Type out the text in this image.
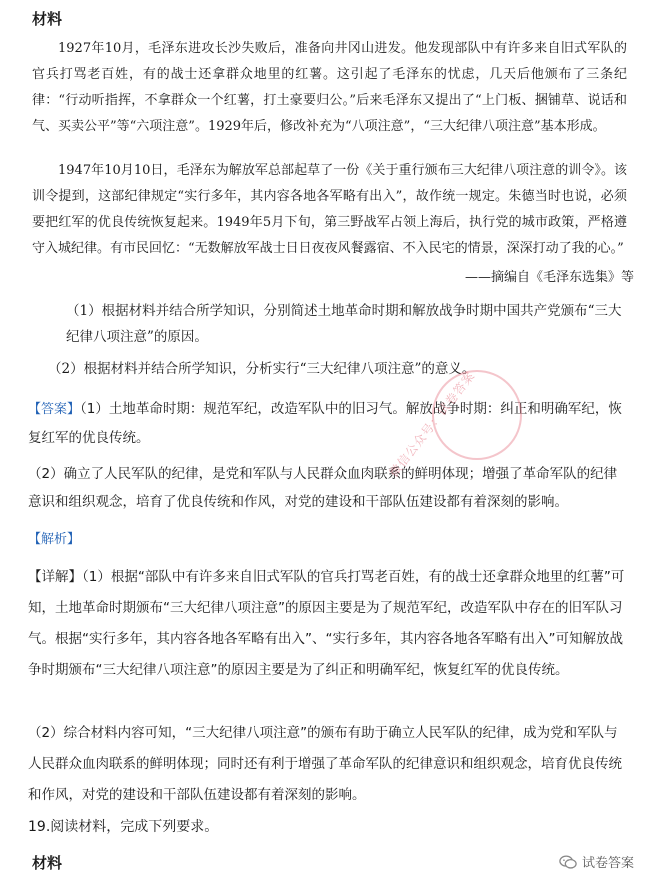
材料
1927年10月，毛泽东进攻长沙失败后，准备向井冈山进发。他发现部队中有许多来自旧式军队的官兵打骂老百姓，有的战士还拿群众地里的红薯。这引起了毛泽东的忧虑，几天后他颁布了三条纪律：“行动听指挥，不拿群众一个红薯，打土豪要归公。”后来毛泽东又提出了“上门板、捆铺草、说话和气、买卖公平”等“六项注意”。1929年后，修改补充为“八项注意”，“三大纪律八项注意”基本形成。
1947年10月10日，毛泽东为解放军总部起草了一份《关于重行颁布三大纪律八项注意的训令》。该训令提到，这部纪律规定“实行多年，其内容各地各军略有出入”，故作统一规定。朱德当时也说，必须要把红军的优良传统恢复起来。1949年5月下旬，第三野战军占领上海后，执行党的城市政策，严格遵守入城纪律。有市民回忆：“无数解放军战士日日夜夜风餐露宿、不入民宅的情景，深深打动了我的心。”
——摘编自《毛泽东选集》等
（1）根据材料并结合所学知识，分别简述土地革命时期和解放战争时期中国共产党颁布“三大纪律八项注意”的原因。
（2）根据材料并结合所学知识，分析实行“三大纪律八项注意”的意义。
【答案】（1）土地革命时期：规范军纪，改造军队中的旧习气。解放战争时期：纠正和明确军纪，恢复红军的优良传统。
（2）确立了人民军队的纪律，是党和军队与人民群众血肉联系的鲜明体现；增强了革命军队的纪律意识和组织观念，培育了优良传统和作风，对党的建设和干部队伍建设都有着深刻的影响。
【解析】
【详解】（1）根据“部队中有许多来自旧式军队的官兵打骂老百姓，有的战士还拿群众地里的红薯”可知，土地革命时期颁布“三大纪律八项注意”的原因主要是为了规范军纪，改造军队中存在的旧军队习气。根据“实行多年，其内容各地各军略有出入”、“实行多年，其内容各地各军略有出入”可知解放战争时期颁布“三大纪律八项注意”的原因主要是为了纠正和明确军纪，恢复红军的优良传统。
（2）综合材料内容可知，“三大纪律八项注意”的颁布有助于确立人民军队的纪律，成为党和军队与人民群众血肉联系的鲜明体现；同时还有利于增强了革命军队的纪律意识和组织观念，培育优良传统和作风，对党的建设和干部队伍建设都有着深刻的影响。
19.阅读材料，完成下列要求。
材料
微信公众号：试卷答案
试卷答案
